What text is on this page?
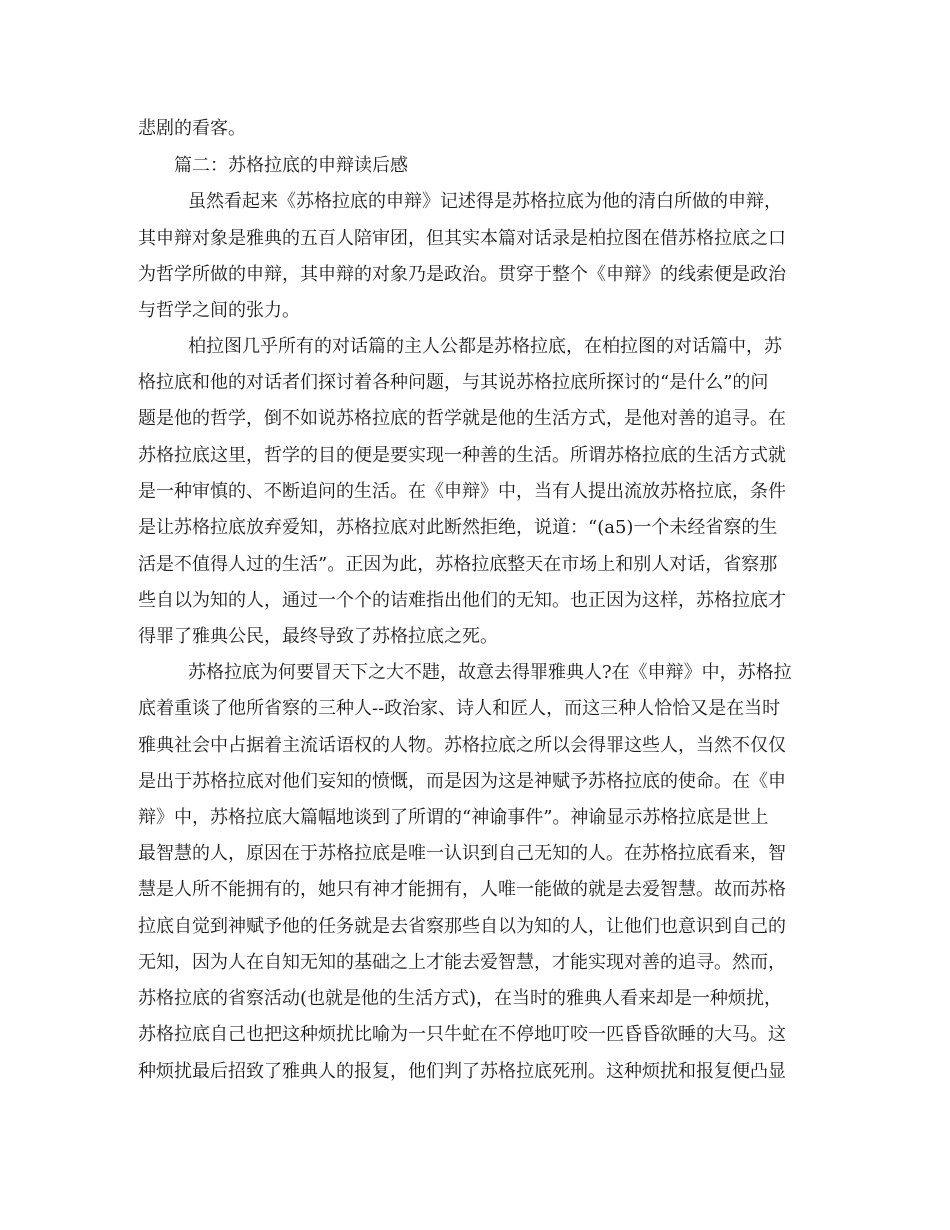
悲剧的看客。
篇二：苏格拉底的申辩读后感
虽然看起来《苏格拉底的申辩》记述得是苏格拉底为他的清白所做的申辩，
其申辩对象是雅典的五百人陪审团，但其实本篇对话录是柏拉图在借苏格拉底之口
为哲学所做的申辩，其申辩的对象乃是政治。贯穿于整个《申辩》的线索便是政治
与哲学之间的张力。
柏拉图几乎所有的对话篇的主人公都是苏格拉底，在柏拉图的对话篇中，苏
格拉底和他的对话者们探讨着各种问题，与其说苏格拉底所探讨的“是什么”的问
题是他的哲学，倒不如说苏格拉底的哲学就是他的生活方式，是他对善的追寻。在
苏格拉底这里，哲学的目的便是要实现一种善的生活。所谓苏格拉底的生活方式就
是一种审慎的、不断追问的生活。在《申辩》中，当有人提出流放苏格拉底，条件
是让苏格拉底放弃爱知，苏格拉底对此断然拒绝，说道：“(a5)一个未经省察的生
活是不值得人过的生活”。正因为此，苏格拉底整天在市场上和别人对话，省察那
些自以为知的人，通过一个个的诘难指出他们的无知。也正因为这样，苏格拉底才
得罪了雅典公民，最终导致了苏格拉底之死。
苏格拉底为何要冒天下之大不韪，故意去得罪雅典人?在《申辩》中，苏格拉
底着重谈了他所省察的三种人--政治家、诗人和匠人，而这三种人恰恰又是在当时
雅典社会中占据着主流话语权的人物。苏格拉底之所以会得罪这些人，当然不仅仅
是出于苏格拉底对他们妄知的愤慨，而是因为这是神赋予苏格拉底的使命。在《申
辩》中，苏格拉底大篇幅地谈到了所谓的“神谕事件”。神谕显示苏格拉底是世上
最智慧的人，原因在于苏格拉底是唯一认识到自己无知的人。在苏格拉底看来，智
慧是人所不能拥有的，她只有神才能拥有，人唯一能做的就是去爱智慧。故而苏格
拉底自觉到神赋予他的任务就是去省察那些自以为知的人，让他们也意识到自己的
无知，因为人在自知无知的基础之上才能去爱智慧，才能实现对善的追寻。然而，
苏格拉底的省察活动(也就是他的生活方式)，在当时的雅典人看来却是一种烦扰，
苏格拉底自己也把这种烦扰比喻为一只牛虻在不停地叮咬一匹昏昏欲睡的大马。这
种烦扰最后招致了雅典人的报复，他们判了苏格拉底死刑。这种烦扰和报复便凸显
